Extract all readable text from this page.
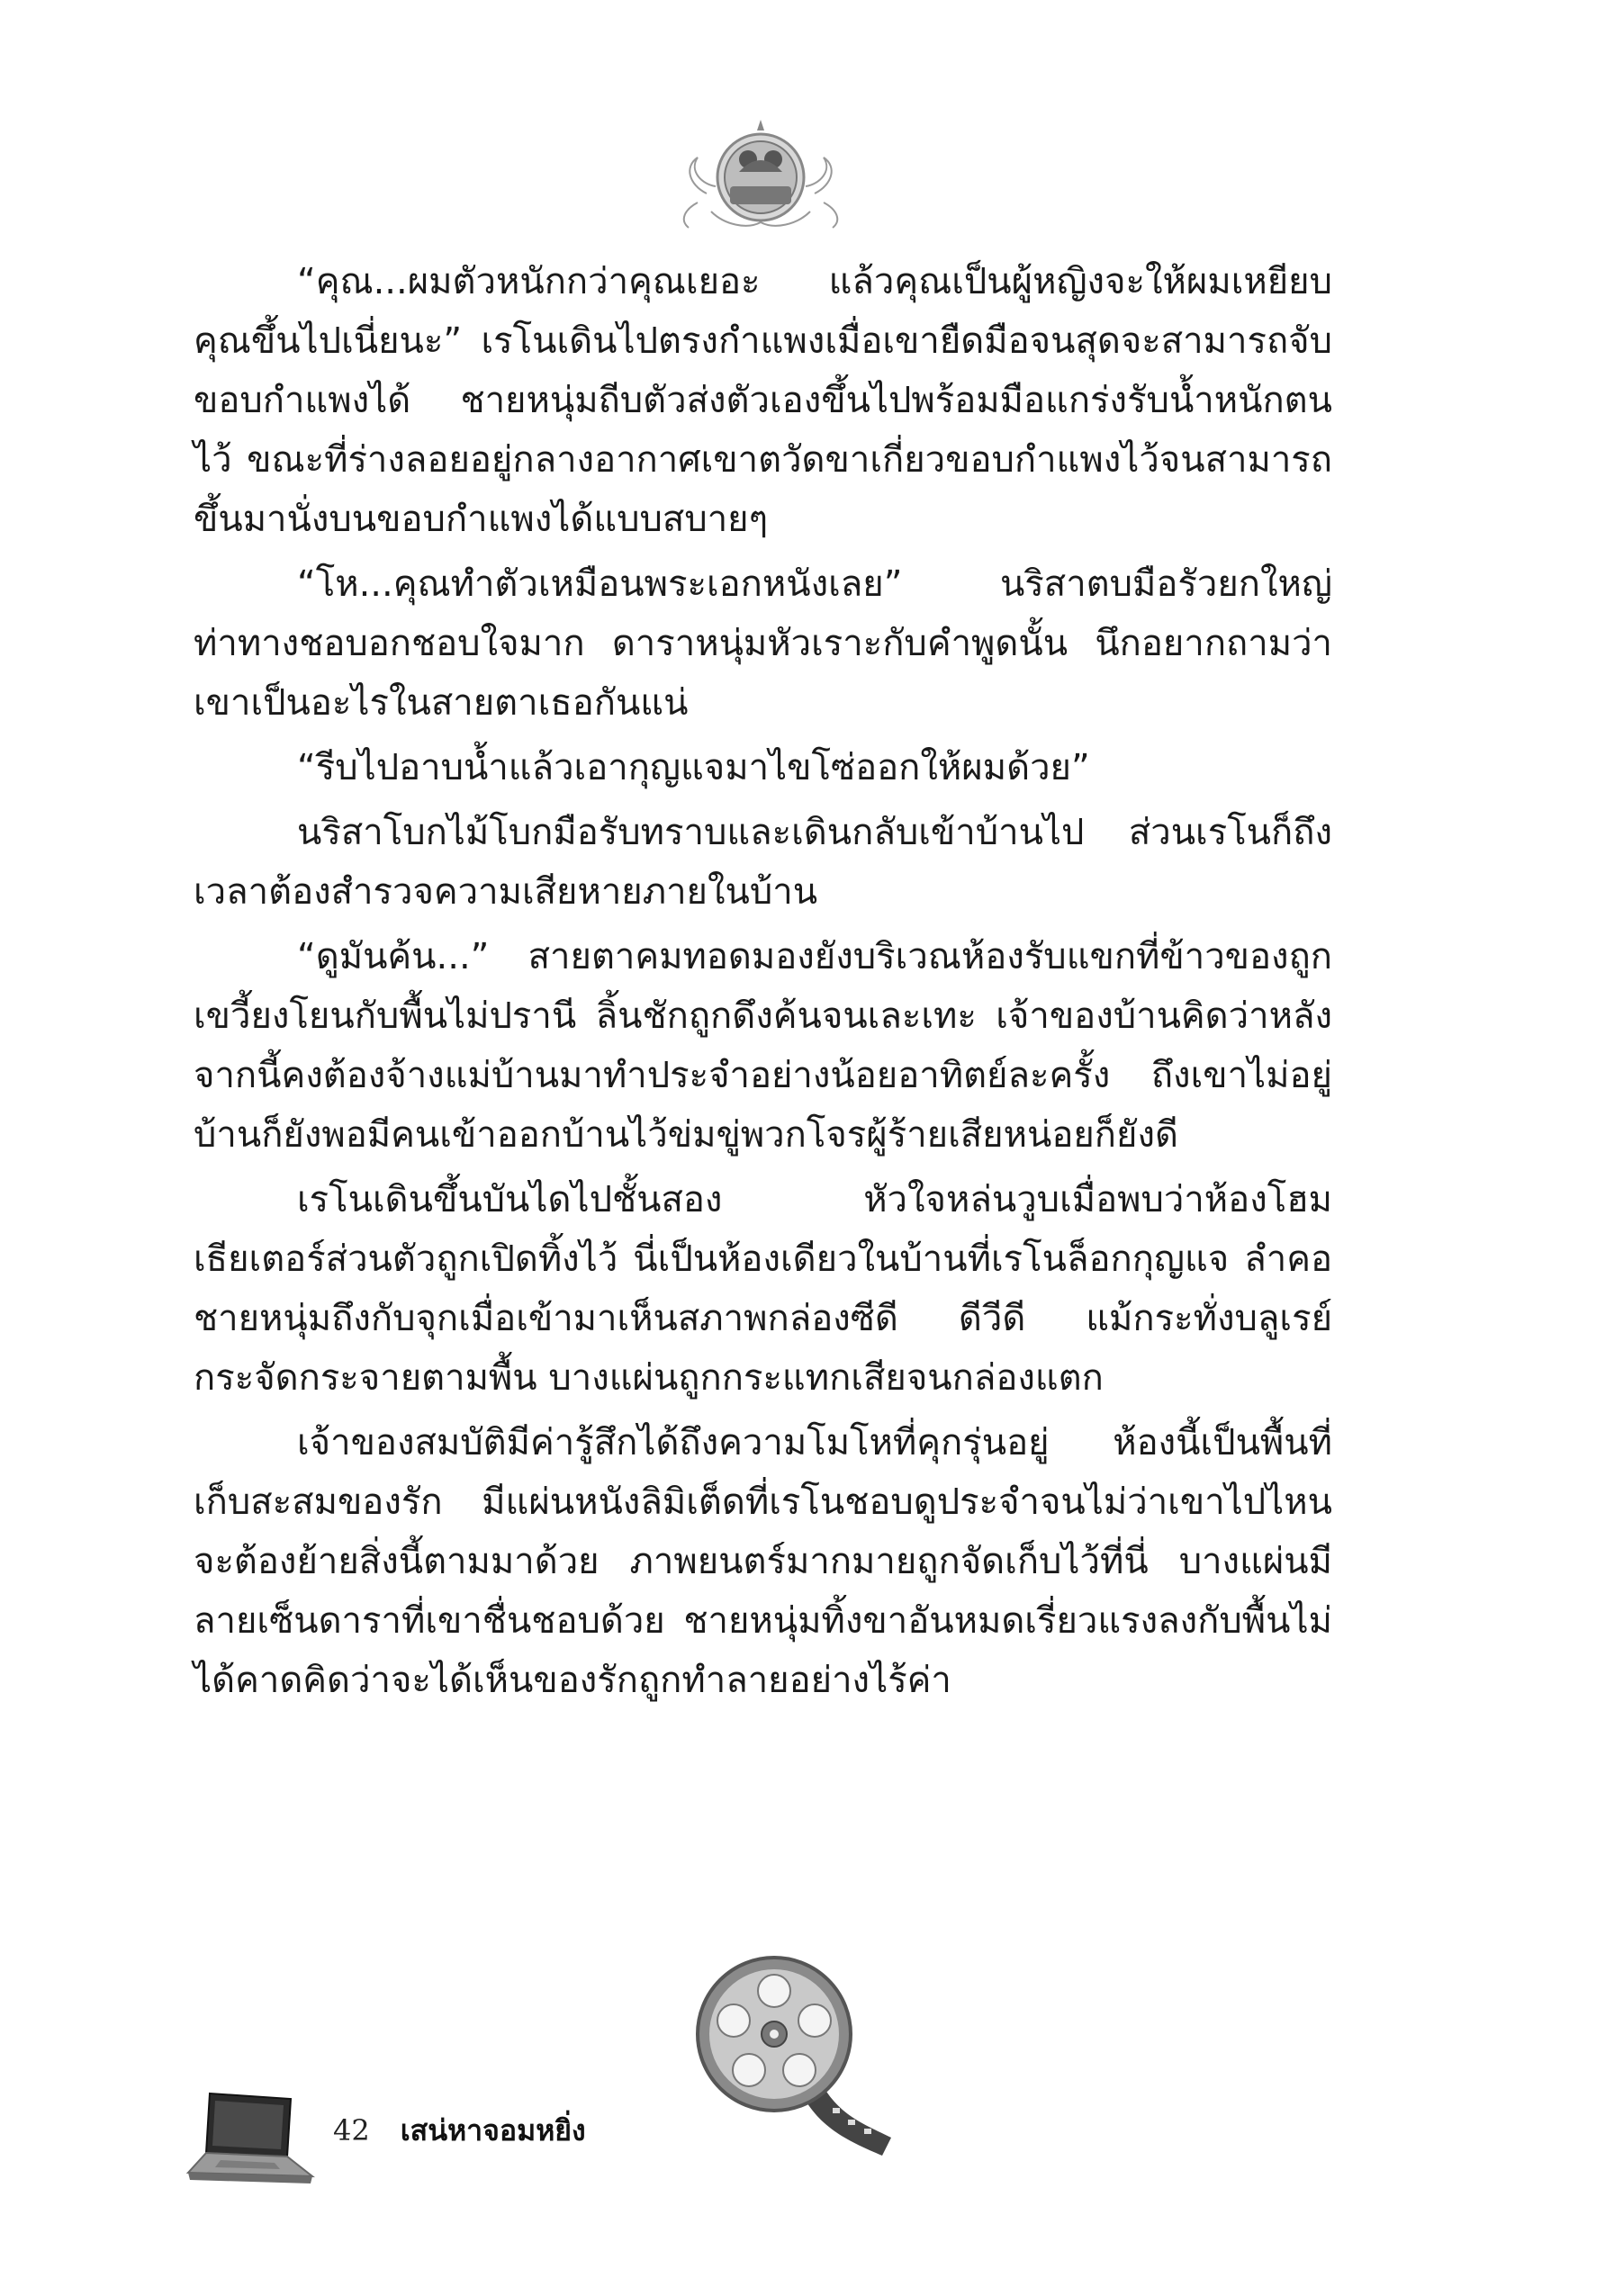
“คุณ...ผมตัวหนักกว่าคุณเยอะ แล้วคุณเป็นผู้หญิงจะให้ผมเหยียบคุณขึ้นไปเนี่ยนะ” เรโนเดินไปตรงกำแพงเมื่อเขายืดมือจนสุดจะสามารถจับขอบกำแพงได้ ชายหนุ่มถีบตัวส่งตัวเองขึ้นไปพร้อมมือแกร่งรับน้ำหนักตนไว้ ขณะที่ร่างลอยอยู่กลางอากาศเขาตวัดขาเกี่ยวขอบกำแพงไว้จนสามารถขึ้นมานั่งบนขอบกำแพงได้แบบสบายๆ

“โห...คุณทำตัวเหมือนพระเอกหนังเลย” นริสาตบมือรัวยกใหญ่ท่าทางชอบอกชอบใจมาก ดาราหนุ่มหัวเราะกับคำพูดนั้น นึกอยากถามว่าเขาเป็นอะไรในสายตาเธอกันแน่

“รีบไปอาบน้ำแล้วเอากุญแจมาไขโซ่ออกให้ผมด้วย”

นริสาโบกไม้โบกมือรับทราบและเดินกลับเข้าบ้านไป ส่วนเรโนก็ถึงเวลาต้องสำรวจความเสียหายภายในบ้าน

“ดูมันค้น...” สายตาคมทอดมองยังบริเวณห้องรับแขกที่ข้าวของถูกเขวี้ยงโยนกับพื้นไม่ปรานี ลิ้นชักถูกดึงค้นจนเละเทะ เจ้าของบ้านคิดว่าหลังจากนี้คงต้องจ้างแม่บ้านมาทำประจำอย่างน้อยอาทิตย์ละครั้ง ถึงเขาไม่อยู่บ้านก็ยังพอมีคนเข้าออกบ้านไว้ข่มขู่พวกโจรผู้ร้ายเสียหน่อยก็ยังดี

เรโนเดินขึ้นบันไดไปชั้นสอง หัวใจหล่นวูบเมื่อพบว่าห้องโฮมเธียเตอร์ส่วนตัวถูกเปิดทิ้งไว้ นี่เป็นห้องเดียวในบ้านที่เรโนล็อกกุญแจ ลำคอชายหนุ่มถึงกับจุกเมื่อเข้ามาเห็นสภาพกล่องซีดี ดีวีดี แม้กระทั่งบลูเรย์กระจัดกระจายตามพื้น บางแผ่นถูกกระแทกเสียจนกล่องแตก

เจ้าของสมบัติมีค่ารู้สึกได้ถึงความโมโหที่คุกรุ่นอยู่ ห้องนี้เป็นพื้นที่เก็บสะสมของรัก มีแผ่นหนังลิมิเต็ดที่เรโนชอบดูประจำจนไม่ว่าเขาไปไหนจะต้องย้ายสิ่งนี้ตามมาด้วย ภาพยนตร์มากมายถูกจัดเก็บไว้ที่นี่ บางแผ่นมีลายเซ็นดาราที่เขาชื่นชอบด้วย ชายหนุ่มทิ้งขาอันหมดเรี่ยวแรงลงกับพื้นไม่ได้คาดคิดว่าจะได้เห็นของรักถูกทำลายอย่างไร้ค่า

42 เสน่หาจอมหยิ่ง
